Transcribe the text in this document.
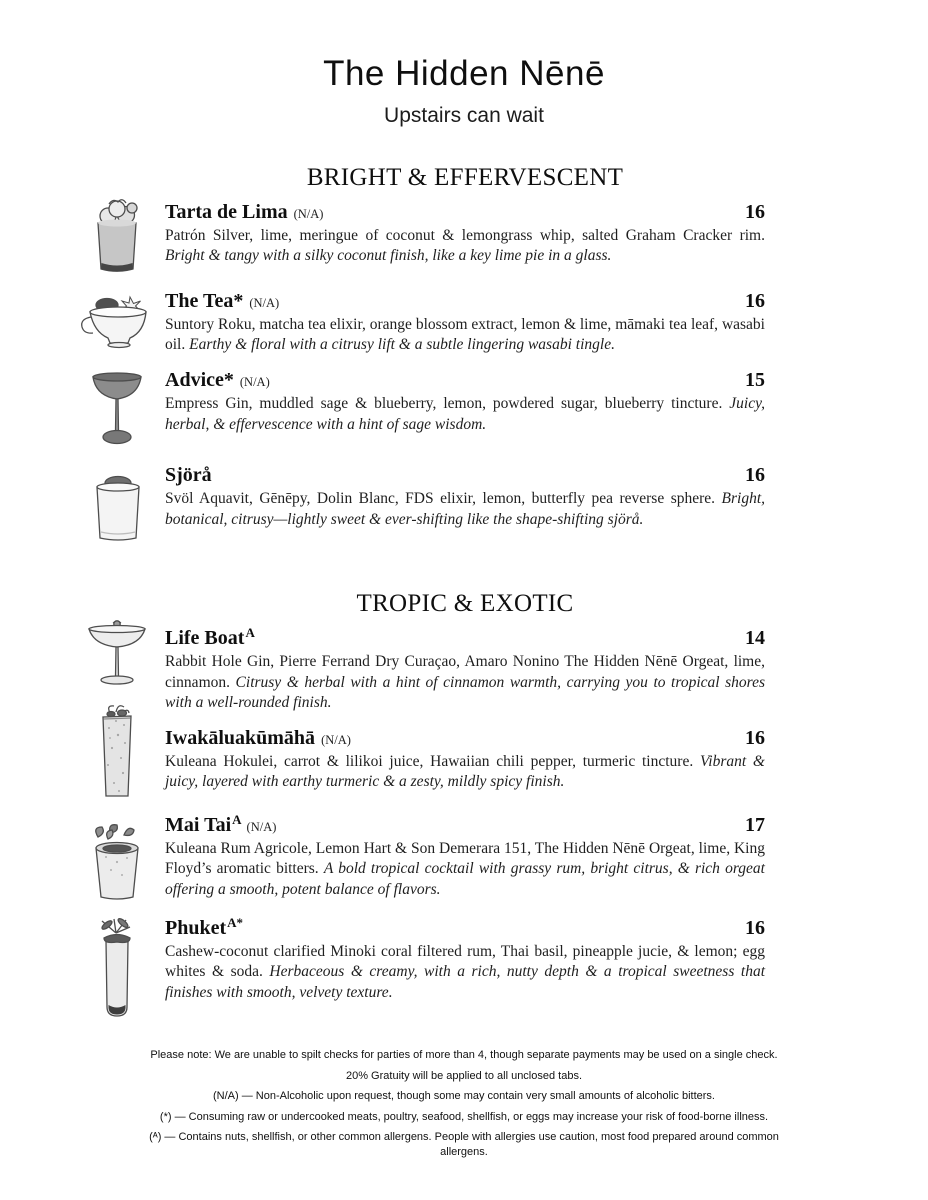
The Hidden Nēnē
Upstairs can wait
BRIGHT & EFFERVESCENT
Tarta de Lima (N/A)	16

Patrón Silver, lime, meringue of coconut & lemongrass whip, salted Graham Cracker rim. Bright & tangy with a silky coconut finish, like a key lime pie in a glass.

The Tea* (N/A)	16

Suntory Roku, matcha tea elixir, orange blossom extract, lemon & lime, māmaki tea leaf, wasabi oil. Earthy & floral with a citrusy lift & a subtle lingering wasabi tingle.

Advice* (N/A)	15

Empress Gin, muddled sage & blueberry, lemon, powdered sugar, blueberry tincture. Juicy, herbal, & effervescence with a hint of sage wisdom.

Sjörå	16

Svöl Aquavit, Gēnēpy, Dolin Blanc, FDS elixir, lemon, butterfly pea reverse sphere. Bright, botanical, citrusy—lightly sweet & ever-shifting like the shape-shifting sjörå.

TROPIC & EXOTIC
Life Boat A	14

Rabbit Hole Gin, Pierre Ferrand Dry Curaçao, Amaro Nonino The Hidden Nēnē Orgeat, lime, cinnamon. Citrusy & herbal with a hint of cinnamon warmth, carrying you to tropical shores with a well-rounded finish.

Iwakāluakūmāhā (N/A)	16

Kuleana Hokulei, carrot & lilikoi juice, Hawaiian chili pepper, turmeric tincture. Vibrant & juicy, layered with earthy turmeric & a zesty, mildly spicy finish.

Mai Tai A (N/A)	17

Kuleana Rum Agricole, Lemon Hart & Son Demerara 151, The Hidden Nēnē Orgeat, lime, King Floyd’s aromatic bitters. A bold tropical cocktail with grassy rum, bright citrus, & rich orgeat offering a smooth, potent balance of flavors.

Phuket A*	16

Cashew-coconut clarified Minoki coral filtered rum, Thai basil, pineapple jucie, & lemon; egg whites & soda. Herbaceous & creamy, with a rich, nutty depth & a tropical sweetness that finishes with smooth, velvety texture.

Please note: We are unable to spilt checks for parties of more than 4, though separate payments may be used on a single check.

20% Gratuity will be applied to all unclosed tabs.

(N/A) — Non-Alcoholic upon request, though some may contain very small amounts of alcoholic bitters.

(*) — Consuming raw or undercooked meats, poultry, seafood, shellfish, or eggs may increase your risk of food-borne illness.

(ᴬ) — Contains nuts, shellfish, or other common allergens. People with allergies use caution, most food prepared around common allergens.
